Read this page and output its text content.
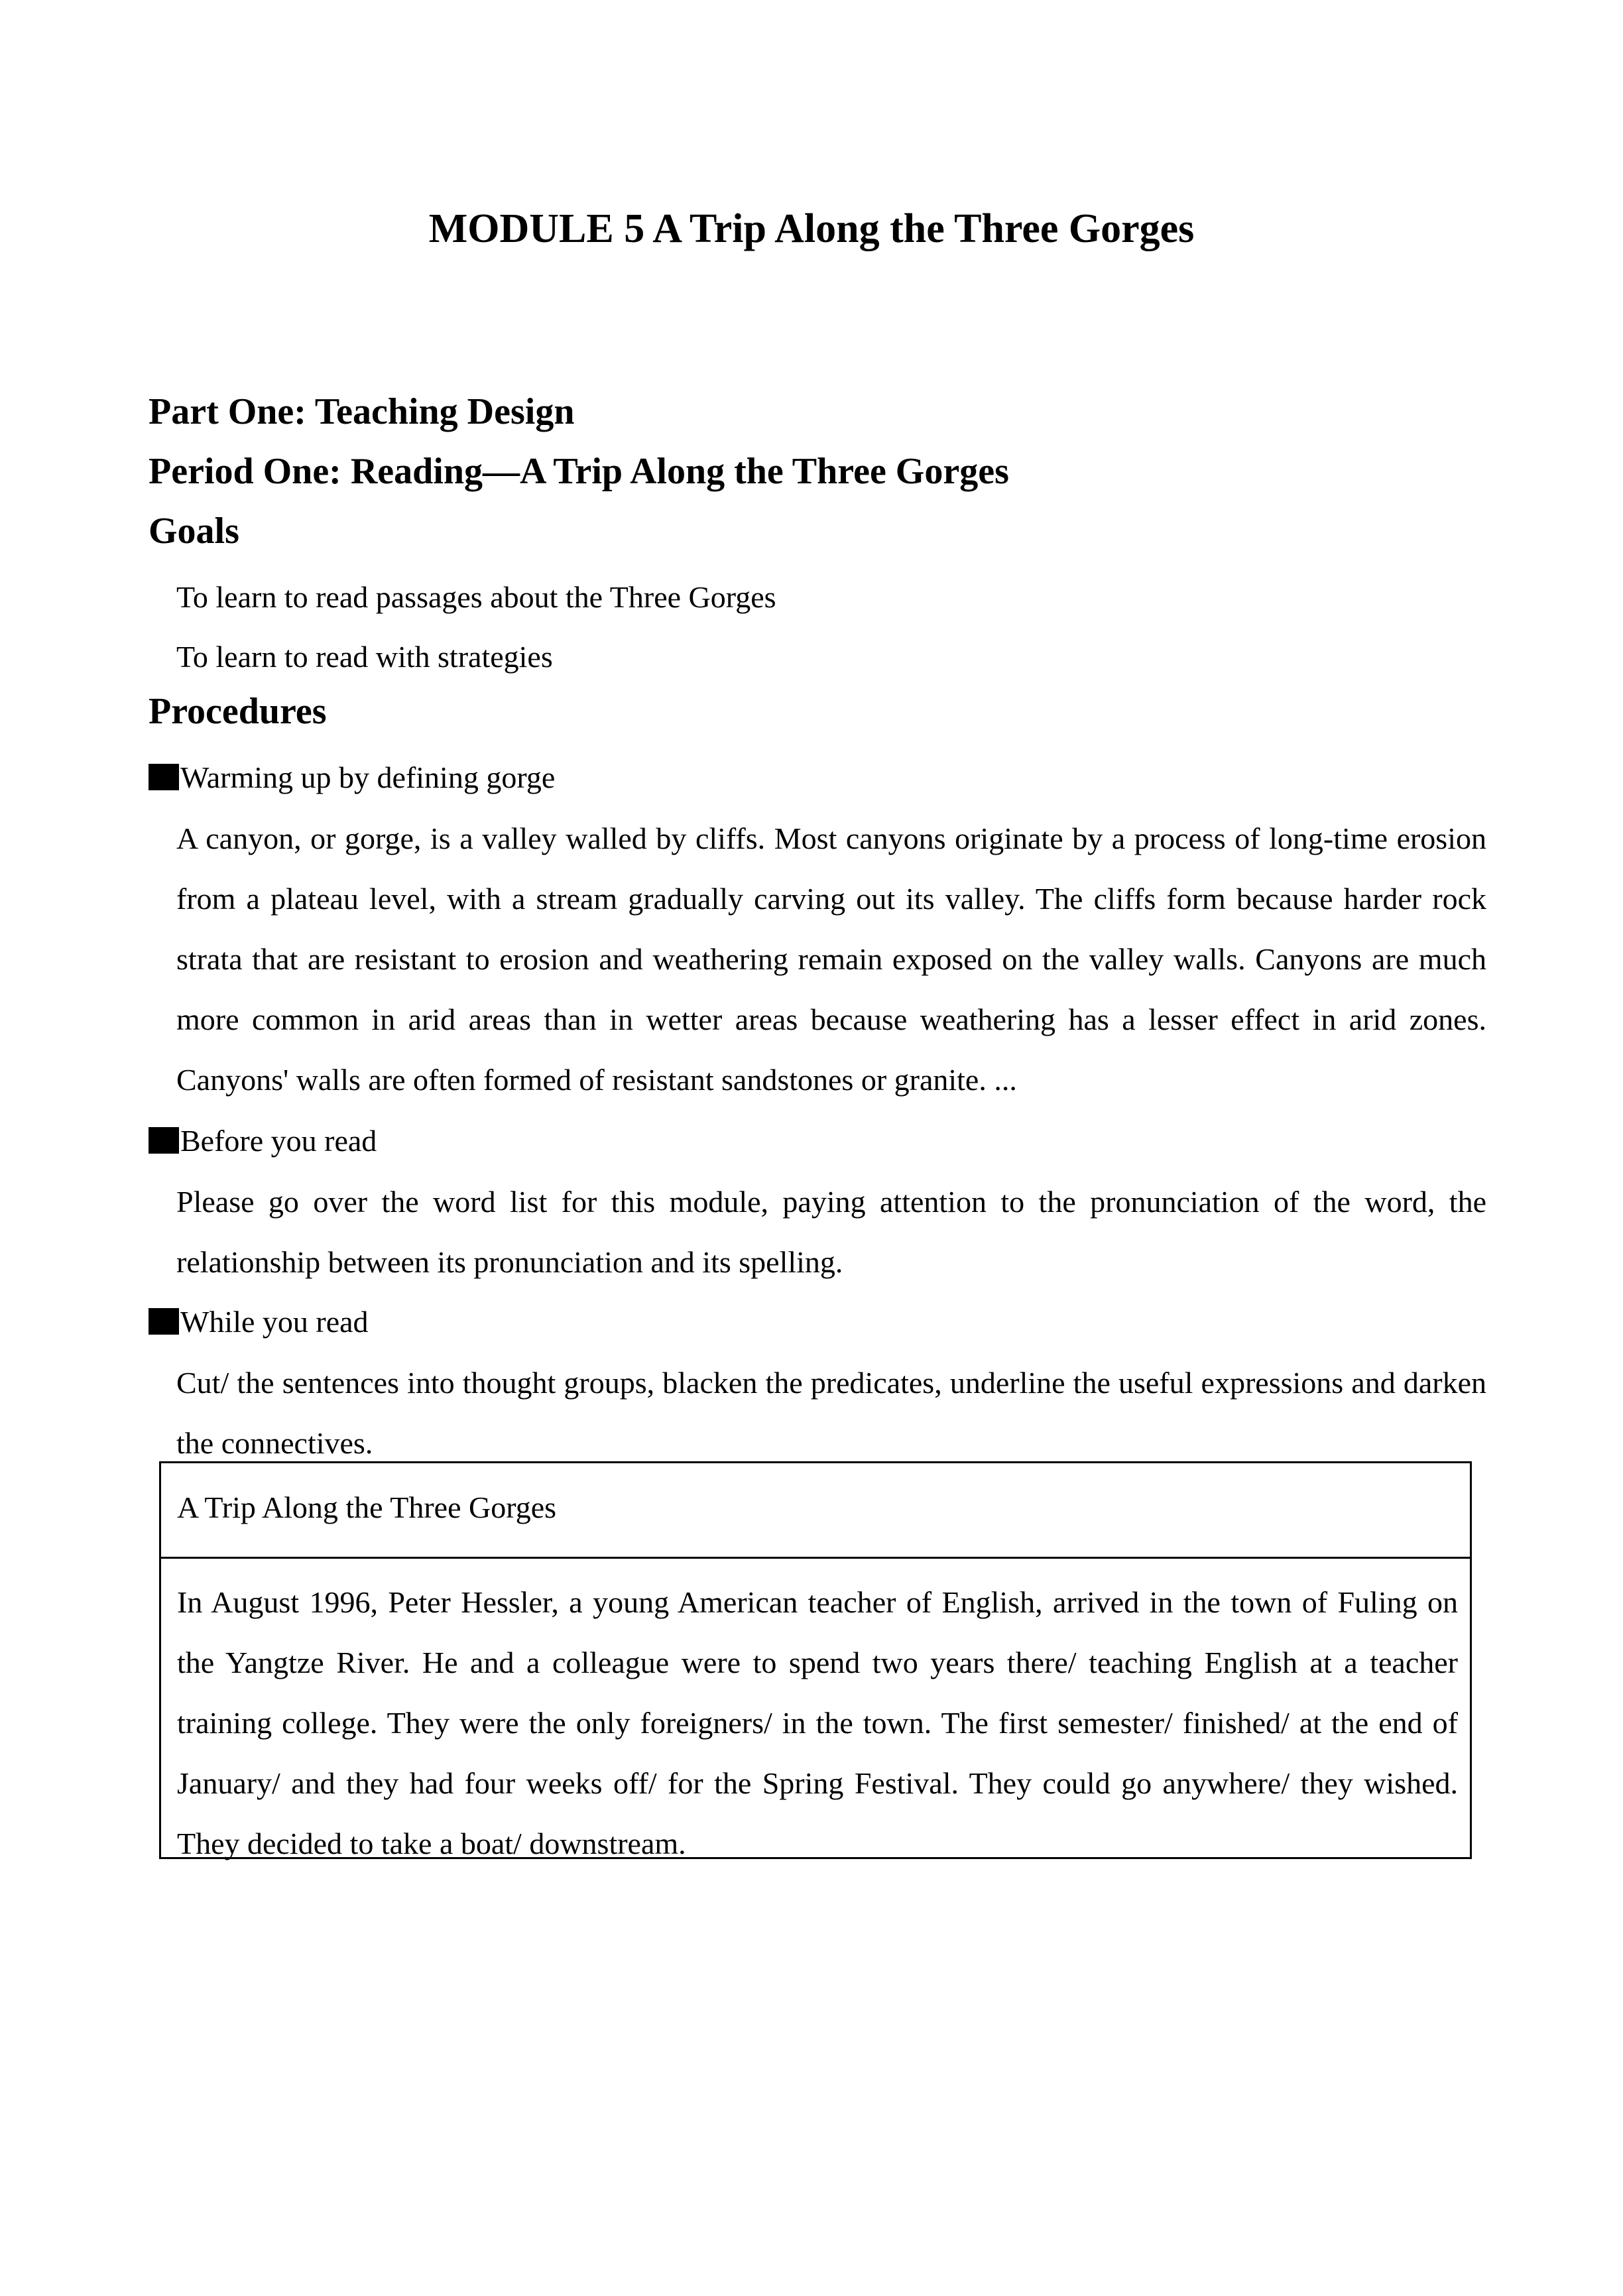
MODULE 5 A Trip Along the Three Gorges
Part One: Teaching Design
Period One: Reading—A Trip Along the Three Gorges
Goals
To learn to read passages about the Three Gorges
To learn to read with strategies
Procedures
Warming up by defining gorge
A canyon, or gorge, is a valley walled by cliffs. Most canyons originate by a process of long-time erosion from a plateau level, with a stream gradually carving out its valley. The cliffs form because harder rock strata that are resistant to erosion and weathering remain exposed on the valley walls. Canyons are much more common in arid areas than in wetter areas because weathering has a lesser effect in arid zones. Canyons' walls are often formed of resistant sandstones or granite. ...
Before you read
Please go over the word list for this module, paying attention to the pronunciation of the word, the relationship between its pronunciation and its spelling.
While you read
Cut/ the sentences into thought groups, blacken the predicates, underline the useful expressions and darken the connectives.
A Trip Along the Three Gorges
In August 1996, Peter Hessler, a young American teacher of English, arrived in the town of Fuling on the Yangtze River. He and a colleague were to spend two years there/ teaching English at a teacher training college. They were the only foreigners/ in the town. The first semester/ finished/ at the end of January/ and they had four weeks off/ for the Spring Festival. They could go anywhere/ they wished. They decided to take a boat/ downstream.
